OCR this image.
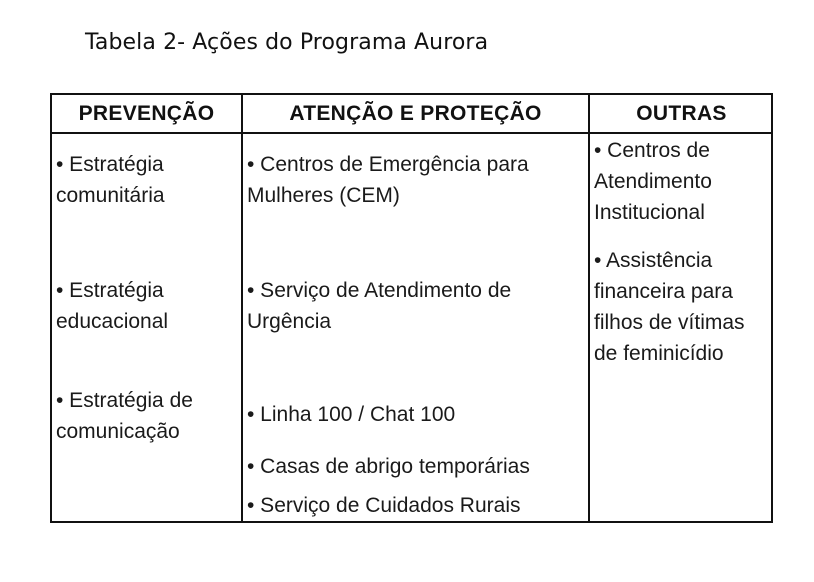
Tabela 2- Ações do Programa Aurora
PREVENÇÃO	ATENÇÃO E PROTEÇÃO	OUTRAS
• Estratégia
comunitária
• Estratégia
educacional
• Estratégia de
comunicação
• Centros de Emergência para
Mulheres (CEM)
• Serviço de Atendimento de
Urgência
• Linha 100 / Chat 100
• Casas de abrigo temporárias
• Serviço de Cuidados Rurais
• Centros de
Atendimento
Institucional
• Assistência
financeira para
filhos de vítimas
de feminicídio
